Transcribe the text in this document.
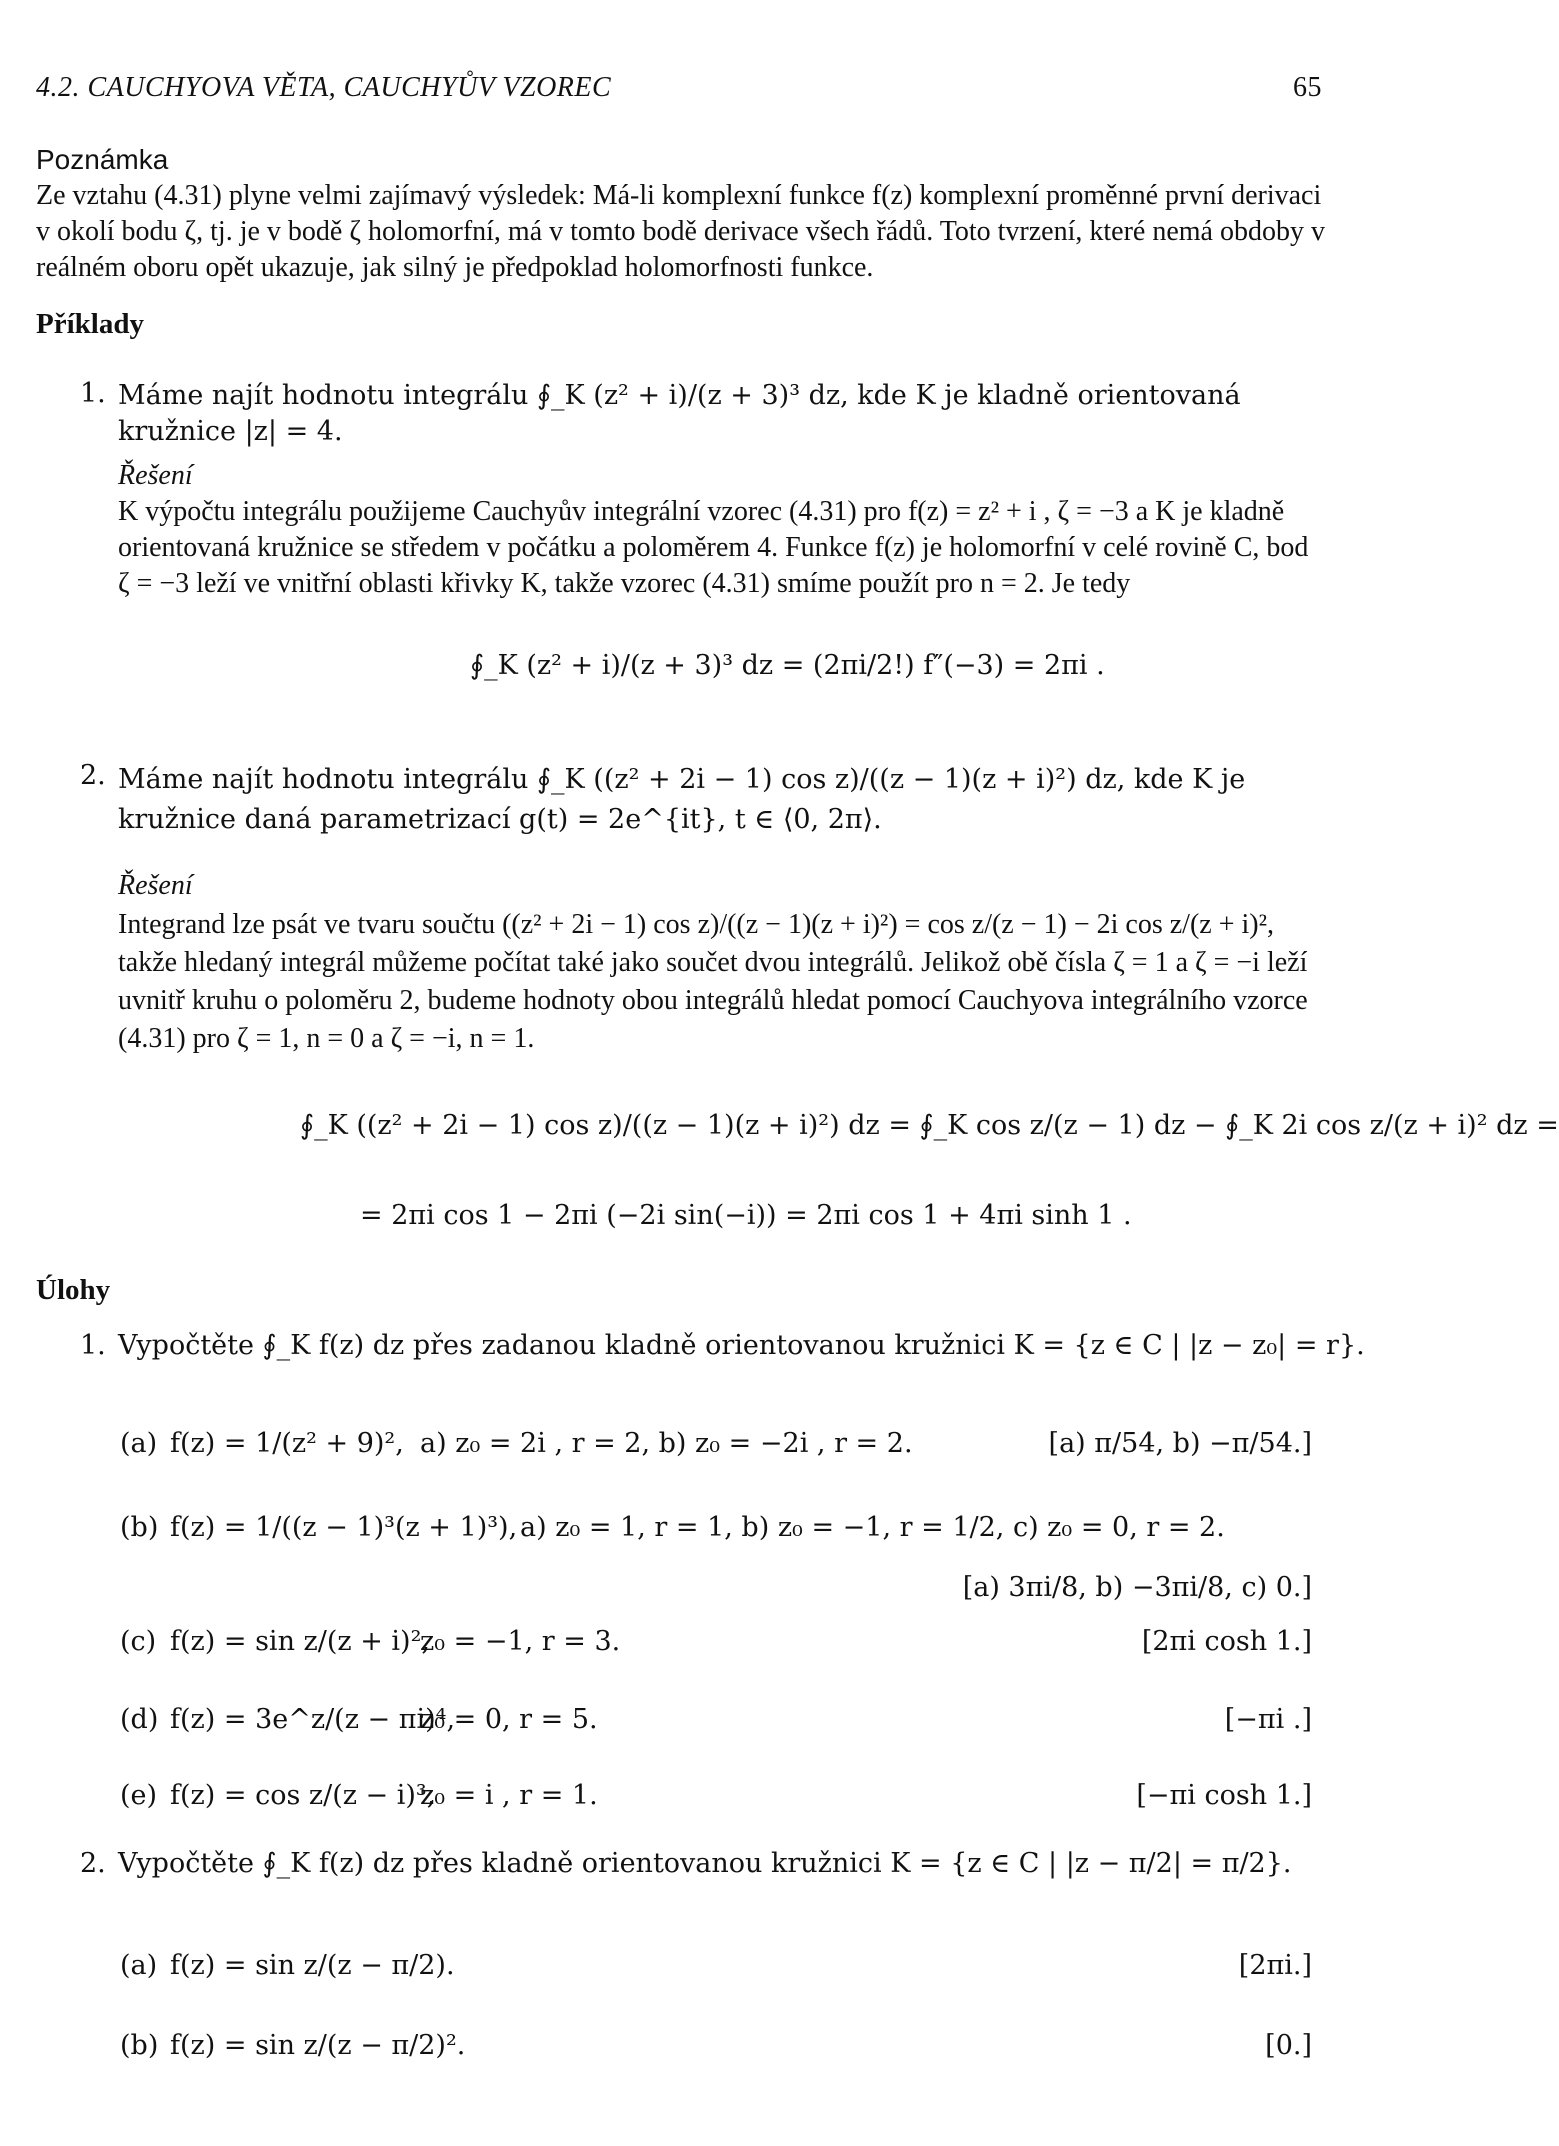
4.2. CAUCHYOVA VĚTA, CAUCHYŮV VZOREC	65
Poznámka
Ze vztahu (4.31) plyne velmi zajímavý výsledek: Má-li komplexní funkce f(z) komplexní proměnné první derivaci v okolí bodu ζ, tj. je v bodě ζ holomorfní, má v tomto bodě derivace všech řádů. Toto tvrzení, které nemá obdoby v reálném oboru opět ukazuje, jak silný je předpoklad holomorfnosti funkce.
Příklady
1. Máme najít hodnotu integrálu ∮_K (z² + i)/(z + 3)³ dz, kde K je kladně orientovaná kružnice |z| = 4.
Řešení
K výpočtu integrálu použijeme Cauchyův integrální vzorec (4.31) pro f(z) = z² + i , ζ = −3 a K je kladně orientovaná kružnice se středem v počátku a poloměrem 4. Funkce f(z) je holomorfní v celé rovině C, bod ζ = −3 leží ve vnitřní oblasti křivky K, takže vzorec (4.31) smíme použít pro n = 2. Je tedy
∮_K (z² + i)/(z + 3)³ dz = (2πi/2!) f″(−3) = 2πi .
2. Máme najít hodnotu integrálu ∮_K ((z² + 2i − 1) cos z)/((z − 1)(z + i)²) dz, kde K je kružnice daná parametrizací g(t) = 2e^{it}, t ∈ ⟨0, 2π⟩.
Řešení
Integrand lze psát ve tvaru součtu ((z² + 2i − 1) cos z)/((z − 1)(z + i)²) = cos z/(z − 1) − 2i cos z/(z + i)², takže hledaný integrál můžeme počítat také jako součet dvou integrálů. Jelikož obě čísla ζ = 1 a ζ = −i leží uvnitř kruhu o poloměru 2, budeme hodnoty obou integrálů hledat pomocí Cauchyova integrálního vzorce (4.31) pro ζ = 1, n = 0 a ζ = −i, n = 1.
∮_K ((z² + 2i − 1) cos z)/((z − 1)(z + i)²) dz = ∮_K cos z/(z − 1) dz − ∮_K 2i cos z/(z + i)² dz =
= 2πi cos 1 − 2πi (−2i sin(−i)) = 2πi cos 1 + 4πi sinh 1 .
Úlohy
1. Vypočtěte ∮_K f(z) dz přes zadanou kladně orientovanou kružnici K = {z ∈ C | |z − z₀| = r}.
(a) f(z) = 1/(z² + 9)², a) z₀ = 2i , r = 2, b) z₀ = −2i , r = 2.	[a) π/54, b) −π/54.]
(b) f(z) = 1/((z − 1)³(z + 1)³), a) z₀ = 1, r = 1, b) z₀ = −1, r = 1/2, c) z₀ = 0, r = 2.
[a) 3πi/8, b) −3πi/8, c) 0.]
(c) f(z) = sin z/(z + i)²,
z₀ = −1, r = 3.	[2πi cosh 1.]
(d) f(z) = 3e^z/(z − πi)⁴,
z₀ = 0, r = 5.	[−πi .]
(e) f(z) = cos z/(z − i)³,
z₀ = i , r = 1.	[−πi cosh 1.]
2. Vypočtěte ∮_K f(z) dz přes kladně orientovanou kružnici K = {z ∈ C | |z − π/2| = π/2}.
(a) f(z) = sin z/(z − π/2).	[2πi.]
(b) f(z) = sin z/(z − π/2)².	[0.]
